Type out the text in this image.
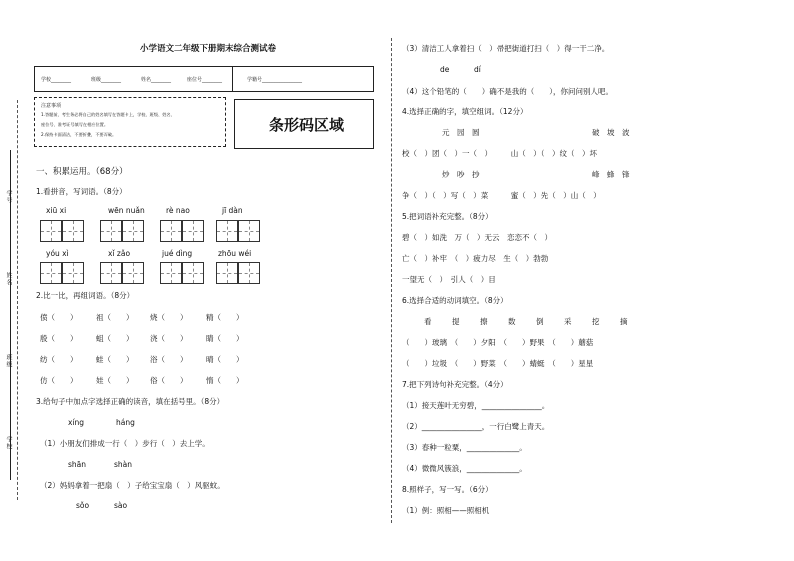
小学语文二年级下册期末综合测试卷
学校________	班级________	姓名________	座位号________	学籍号________________
注意事项
1.答题前，考生务必将自己的姓名填写在答题卡上，学校、班级、姓名、
座位号、准考证号填写在相应位置。
2.保持卡面清洁，不要折叠，不要弄破。
条形码区域
学号
姓名
班级
学校
一、积累运用。（68分）
1.看拼音，写词语。（8分）
xiū xi	wēn nuǎn	rè nao	jī dàn
yóu xì	xǐ zǎo	jué dìng	zhōu wéi
2.比一比，再组词语。（8分）
偾（　　） 祖（　　） 烧（　　） 精（　　）
殷（　　） 蛆（　　） 浇（　　） 睛（　　）
纺（　　） 蛙（　　） 浴（　　） 晴（　　）
仿（　　） 娃（　　） 俗（　　） 惰（　　）
3.给句子中加点字选择正确的读音，填在括号里。（8分）
xíng	háng
（1）小朋友们排成一行（　）步行（　）去上学。
shān	shàn
（2）妈妈拿着一把扇（　）子给宝宝扇（　）风驱蚊。
sǒo	sào
（3）清洁工人拿着扫（　）帚把街道打扫（　）得一干二净。
de	dí
（4）这个铅笔的（　　）确不是我的（　　），你问问别人吧。
4.选择正确的字，填空组词。（12分）
元　园　圆	破　坡　波
校（　）团（　）一（　）　　　山（　）（　）纹（　）坏
炒　吵　抄	峰　蜂　锋
争（　）（　）写（　）菜　　　蜜（　）先（　）山（　）
5.把词语补充完整。（8分）
碧（　）如洗　万（　）无云　恋恋不（　）
亡（　）补牢　（　）疲力尽　生（　）勃勃
一望无（　）　引人（　）目
6.选择合适的动词填空。（8分）
看	提	擦	数	倒	采	挖	摘
（　　）玻璃　（　　）夕阳　（　　）野果　（　　）蘑菇
（　　）垃圾　（　　）野菜　（　　）蜻蜓　（　　）星星
7.把下列诗句补充完整。（4分）
（1）接天莲叶无穷碧，________________。
（2）________________，一行白鹭上青天。
（3）春种一粒粟，______________。
（4）微微风簇浪，______________。
8.照样子，写一写。（6分）
（1）例：照相——照相机
